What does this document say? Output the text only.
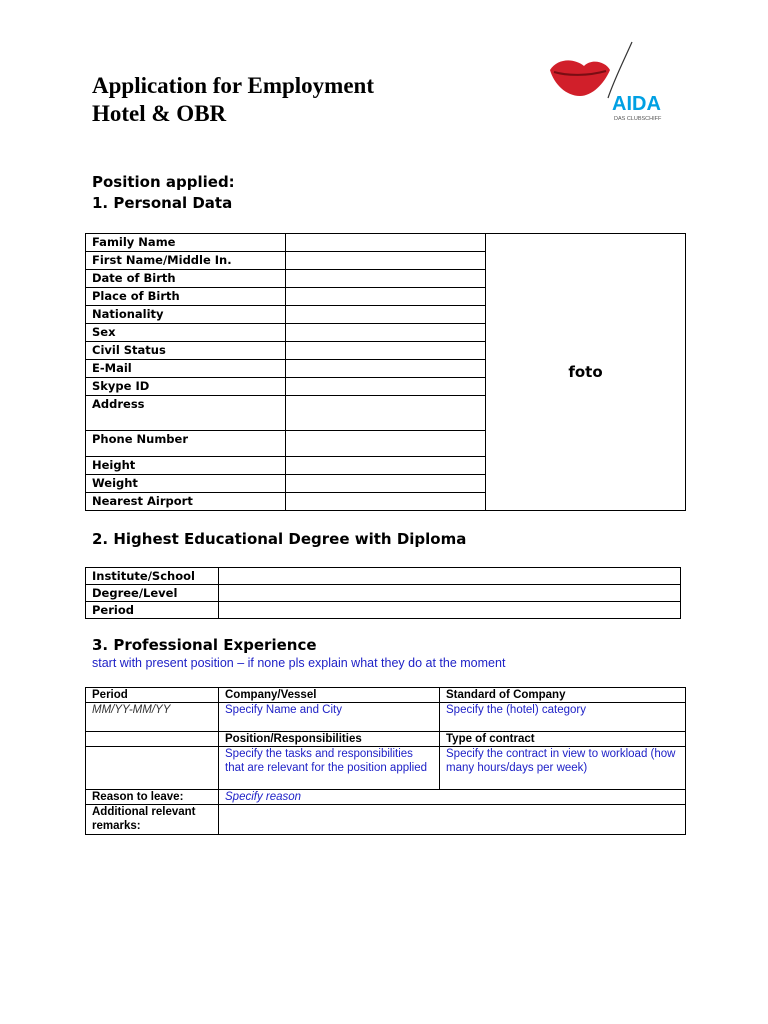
Application for Employment
Hotel & OBR	AIDA
DAS CLUBSCHIFF
Position applied:
1. Personal Data
Family Name		foto
First Name/Middle In.		
Date of Birth		
Place of Birth		
Nationality		
Sex		
Civil Status		
E-Mail		
Skype ID		
Address		
Phone Number		
Height		
Weight		
Nearest Airport		
2. Highest Educational Degree with Diploma
Institute/School	
Degree/Level	
Period	
3. Professional Experience
start with present position – if none pls explain what they do at the moment
Period	Company/Vessel	Standard of Company
MM/YY-MM/YY	Specify Name and City	Specify the (hotel) category
	Position/Responsibilities	Type of contract
	Specify the tasks and responsibilities that are relevant for the position applied	Specify the contract in view to workload (how many hours/days per week)
Reason to leave:	Specify reason	
Additional relevant remarks:		
